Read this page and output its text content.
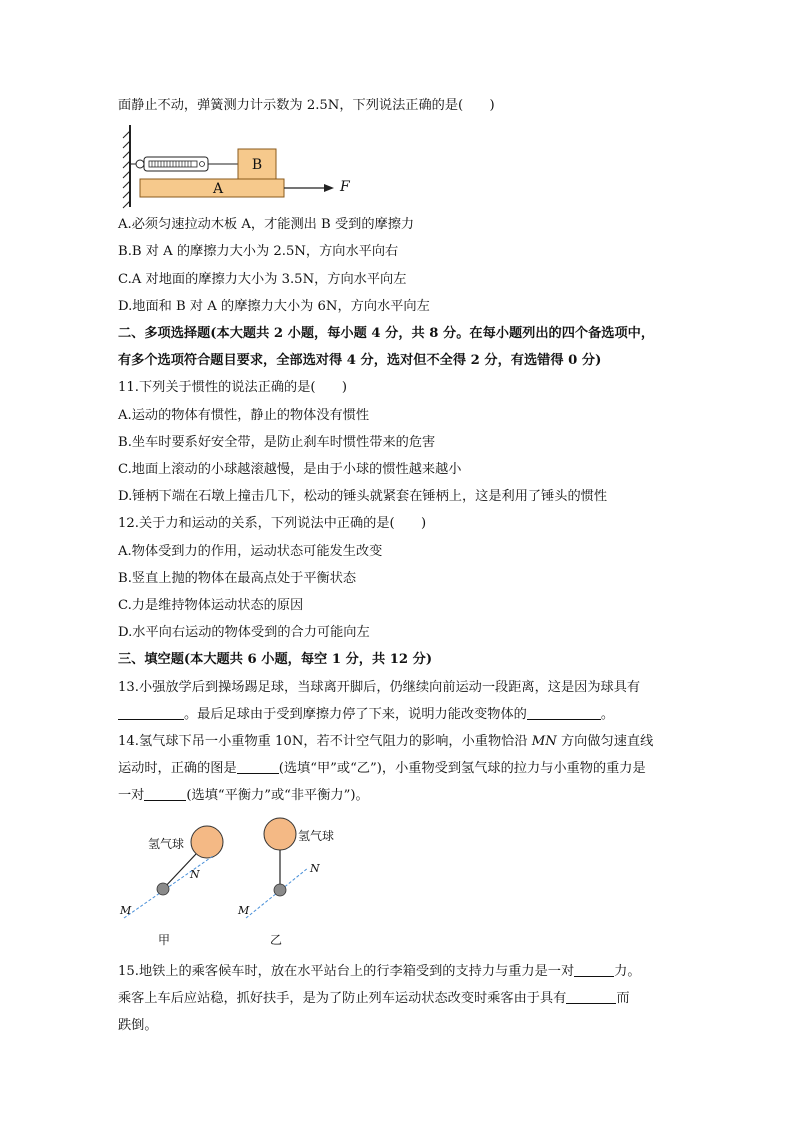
面静止不动，弹簧测力计示数为 2.5N，下列说法正确的是(　　)
B
A	F
A.必须匀速拉动木板 A，才能测出 B 受到的摩擦力
B.B 对 A 的摩擦力大小为 2.5N，方向水平向右
C.A 对地面的摩擦力大小为 3.5N，方向水平向左
D.地面和 B 对 A 的摩擦力大小为 6N，方向水平向左
二、多项选择题(本大题共 2 小题，每小题 4 分，共 8 分。在每小题列出的四个备选项中，
有多个选项符合题目要求，全部选对得 4 分，选对但不全得 2 分，有选错得 0 分)
11.下列关于惯性的说法正确的是(　　)
A.运动的物体有惯性，静止的物体没有惯性
B.坐车时要系好安全带，是防止刹车时惯性带来的危害
C.地面上滚动的小球越滚越慢，是由于小球的惯性越来越小
D.锤柄下端在石墩上撞击几下，松动的锤头就紧套在锤柄上，这是利用了锤头的惯性
12.关于力和运动的关系，下列说法中正确的是(　　)
A.物体受到力的作用，运动状态可能发生改变
B.竖直上抛的物体在最高点处于平衡状态
C.力是维持物体运动状态的原因
D.水平向右运动的物体受到的合力可能向左
三、填空题(本大题共 6 小题，每空 1 分，共 12 分)
13.小强放学后到操场踢足球，当球离开脚后，仍继续向前运动一段距离，这是因为球具有
。最后足球由于受到摩擦力停了下来，说明力能改变物体的	。
14.氢气球下吊一小重物重 10N，若不计空气阻力的影响，小重物恰沿 MN 方向做匀速直线
运动时，正确的图是	(选填“甲”或“乙”)，小重物受到氢气球的拉力与小重物的重力是
一对	(选填“平衡力”或“非平衡力”)。
氢气球
N
M
甲
氢气球
N
M
乙
15.地铁上的乘客候车时，放在水平站台上的行李箱受到的支持力与重力是一对	力。
乘客上车后应站稳，抓好扶手，是为了防止列车运动状态改变时乘客由于具有	而
跌倒。
